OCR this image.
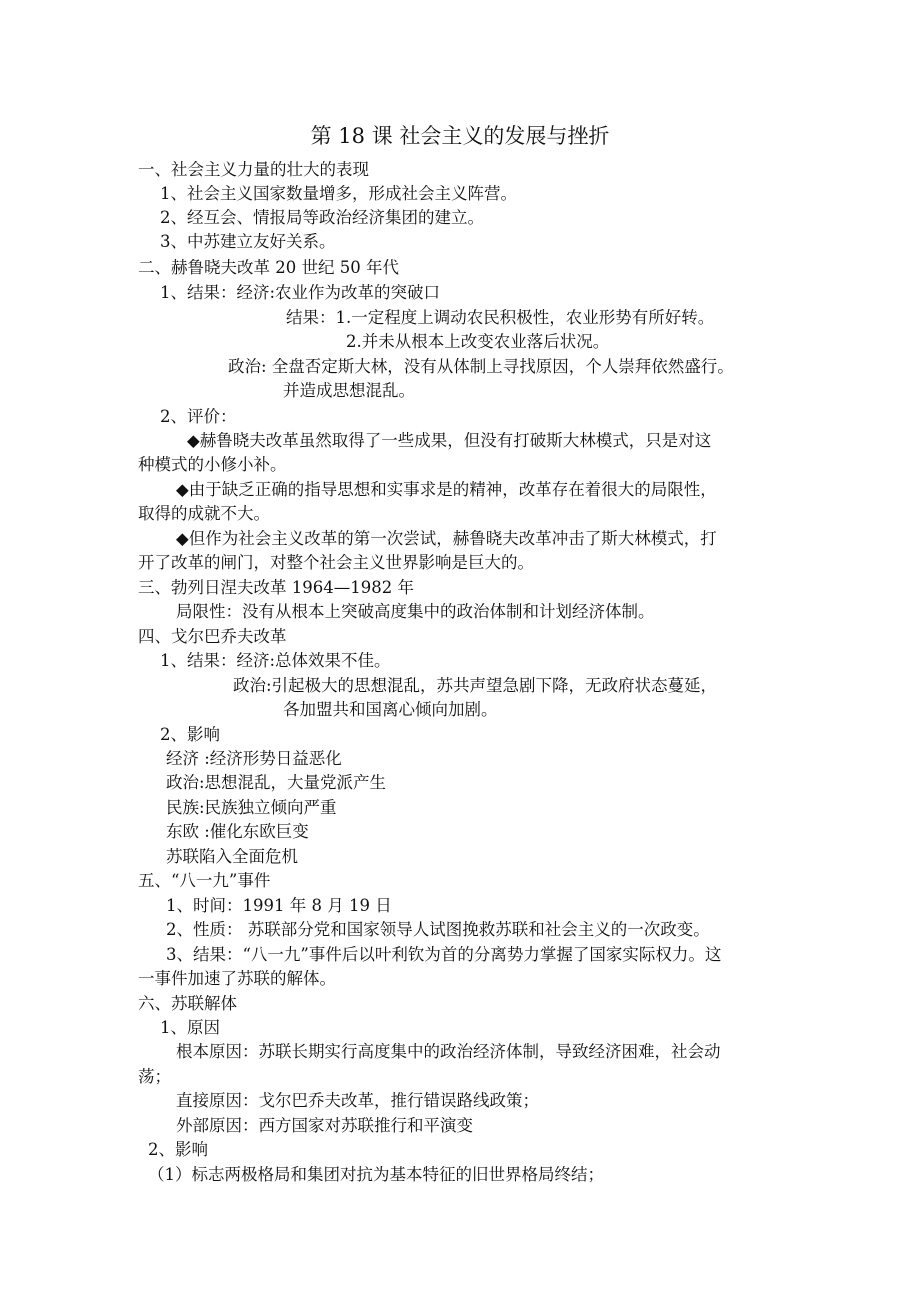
第 18 课 社会主义的发展与挫折
一、社会主义力量的壮大的表现
1、社会主义国家数量增多，形成社会主义阵营。
2、经互会、情报局等政治经济集团的建立。
3、中苏建立友好关系。
二、赫鲁晓夫改革 20 世纪 50 年代
1、结果：经济:农业作为改革的突破口
结果：1.一定程度上调动农民积极性，农业形势有所好转。
2.并未从根本上改变农业落后状况。
政治: 全盘否定斯大林，没有从体制上寻找原因，个人崇拜依然盛行。
并造成思想混乱。
2、评价：
◆赫鲁晓夫改革虽然取得了一些成果，但没有打破斯大林模式，只是对这
种模式的小修小补。
◆由于缺乏正确的指导思想和实事求是的精神，改革存在着很大的局限性，
取得的成就不大。
◆但作为社会主义改革的第一次尝试，赫鲁晓夫改革冲击了斯大林模式，打
开了改革的闸门，对整个社会主义世界影响是巨大的。
三、勃列日涅夫改革 1964—1982 年
局限性：没有从根本上突破高度集中的政治体制和计划经济体制。
四、戈尔巴乔夫改革
1、结果：经济:总体效果不佳。
政治:引起极大的思想混乱，苏共声望急剧下降，无政府状态蔓延，
各加盟共和国离心倾向加剧。
2、影响
经济 :经济形势日益恶化
政治:思想混乱，大量党派产生
民族:民族独立倾向严重
东欧 :催化东欧巨变
苏联陷入全面危机
五、“八一九”事件
1、时间：1991 年 8 月 19 日
2、性质： 苏联部分党和国家领导人试图挽救苏联和社会主义的一次政变。
3、结果：“八一九”事件后以叶利钦为首的分离势力掌握了国家实际权力。这
一事件加速了苏联的解体。
六、苏联解体
1、原因
根本原因：苏联长期实行高度集中的政治经济体制，导致经济困难，社会动
荡；
直接原因：戈尔巴乔夫改革，推行错误路线政策；
外部原因：西方国家对苏联推行和平演变
2、影响
（1）标志两极格局和集团对抗为基本特征的旧世界格局终结；
